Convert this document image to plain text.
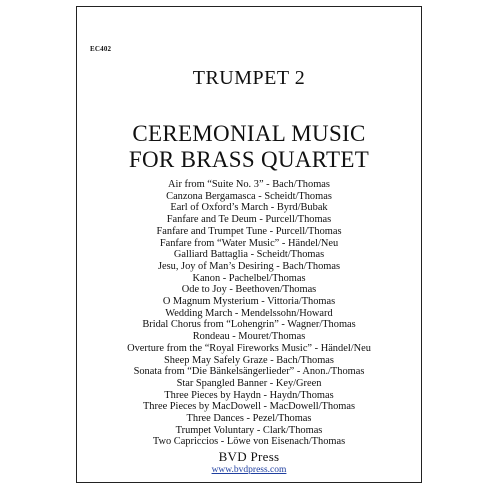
EC402
TRUMPET 2
CEREMONIAL MUSIC
FOR BRASS QUARTET
Air from “Suite No. 3” - Bach/Thomas
Canzona Bergamasca - Scheidt/Thomas
Earl of Oxford’s March - Byrd/Bubak
Fanfare and Te Deum - Purcell/Thomas
Fanfare and Trumpet Tune - Purcell/Thomas
Fanfare from “Water Music” - Händel/Neu
Galliard Battaglia - Scheidt/Thomas
Jesu, Joy of Man’s Desiring - Bach/Thomas
Kanon - Pachelbel/Thomas
Ode to Joy - Beethoven/Thomas
O Magnum Mysterium - Vittoria/Thomas
Wedding March - Mendelssohn/Howard
Bridal Chorus from “Lohengrin” - Wagner/Thomas
Rondeau - Mouret/Thomas
Overture from the “Royal Fireworks Music” - Händel/Neu
Sheep May Safely Graze - Bach/Thomas
Sonata from “Die Bänkelsängerlieder” - Anon./Thomas
Star Spangled Banner - Key/Green
Three Pieces by Haydn - Haydn/Thomas
Three Pieces by MacDowell - MacDowell/Thomas
Three Dances - Pezel/Thomas
Trumpet Voluntary - Clark/Thomas
Two Capriccios - Löwe von Eisenach/Thomas
BVD Press
www.bvdpress.com
